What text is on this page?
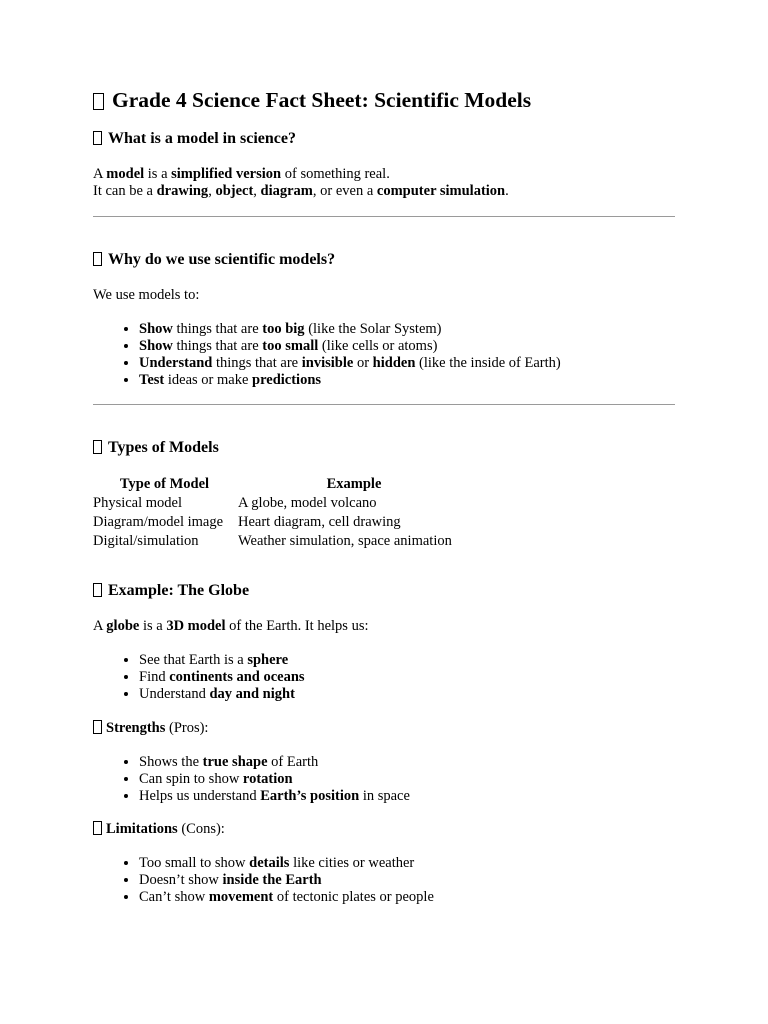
Grade 4 Science Fact Sheet: Scientific Models
What is a model in science?

A model is a simplified version of something real.

It can be a drawing, object, diagram, or even a computer simulation.

Why do we use scientific models?

We use models to:

• Show things that are too big (like the Solar System)
• Show things that are too small (like cells or atoms)
• Understand things that are invisible or hidden (like the inside of Earth)
• Test ideas or make predictions
Types of Models
Type of Model	Example
Physical model	A globe, model volcano
Diagram/model image	Heart diagram, cell drawing
Digital/simulation	Weather simulation, space animation
Example: The Globe

A globe is a 3D model of the Earth. It helps us:

• See that Earth is a sphere
• Find continents and oceans
• Understand day and night

Strengths (Pros):

• Shows the true shape of Earth
• Can spin to show rotation
• Helps us understand Earth’s position in space

Limitations (Cons):

• Too small to show details like cities or weather
• Doesn’t show inside the Earth
• Can’t show movement of tectonic plates or people
